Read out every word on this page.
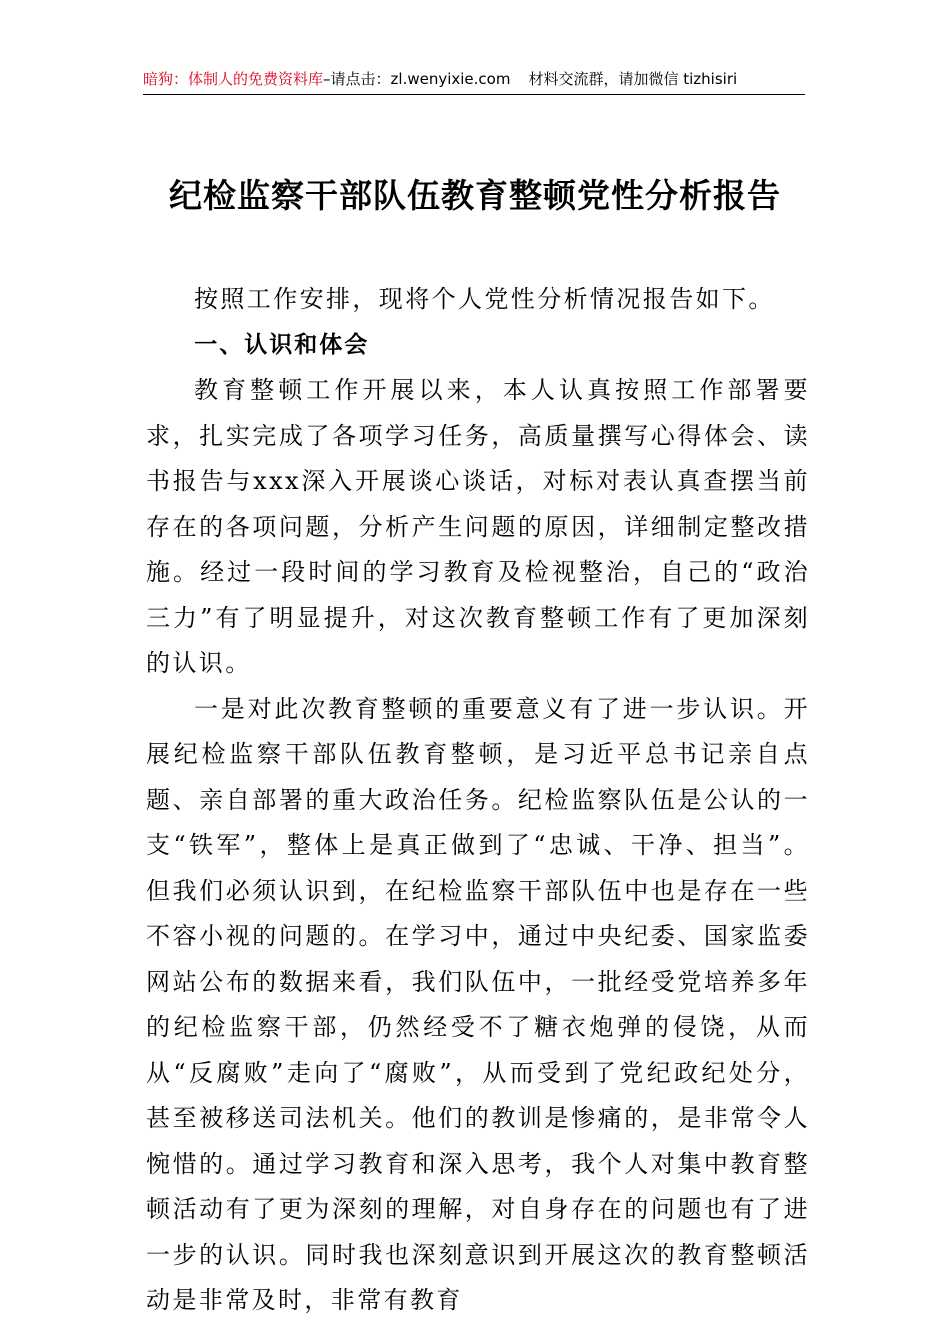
暗狗：体制人的免费资料库–请点击：zl.wenyixie.com 材料交流群，请加微信 tizhisiri
纪检监察干部队伍教育整顿党性分析报告

按照工作安排，现将个人党性分析情况报告如下。

一、认识和体会

教育整顿工作开展以来，本人认真按照工作部署要求，扎实完成了各项学习任务，高质量撰写心得体会、读书报告与xxx深入开展谈心谈话，对标对表认真查摆当前存在的各项问题，分析产生问题的原因，详细制定整改措施。经过一段时间的学习教育及检视整治，自己的“政治三力”有了明显提升，对这次教育整顿工作有了更加深刻的认识。

一是对此次教育整顿的重要意义有了进一步认识。开展纪检监察干部队伍教育整顿，是习近平总书记亲自点题、亲自部署的重大政治任务。纪检监察队伍是公认的一支“铁军”，整体上是真正做到了“忠诚、干净、担当”。但我们必须认识到，在纪检监察干部队伍中也是存在一些不容小视的问题的。在学习中，通过中央纪委、国家监委网站公布的数据来看，我们队伍中，一批经受党培养多年的纪检监察干部，仍然经受不了糖衣炮弹的侵饶，从而从“反腐败”走向了“腐败”，从而受到了党纪政纪处分，甚至被移送司法机关。他们的教训是惨痛的，是非常令人惋惜的。通过学习教育和深入思考，我个人对集中教育整顿活动有了更为深刻的理解，对自身存在的问题也有了进一步的认识。同时我也深刻意识到开展这次的教育整顿活动是非常及时，非常有教育
